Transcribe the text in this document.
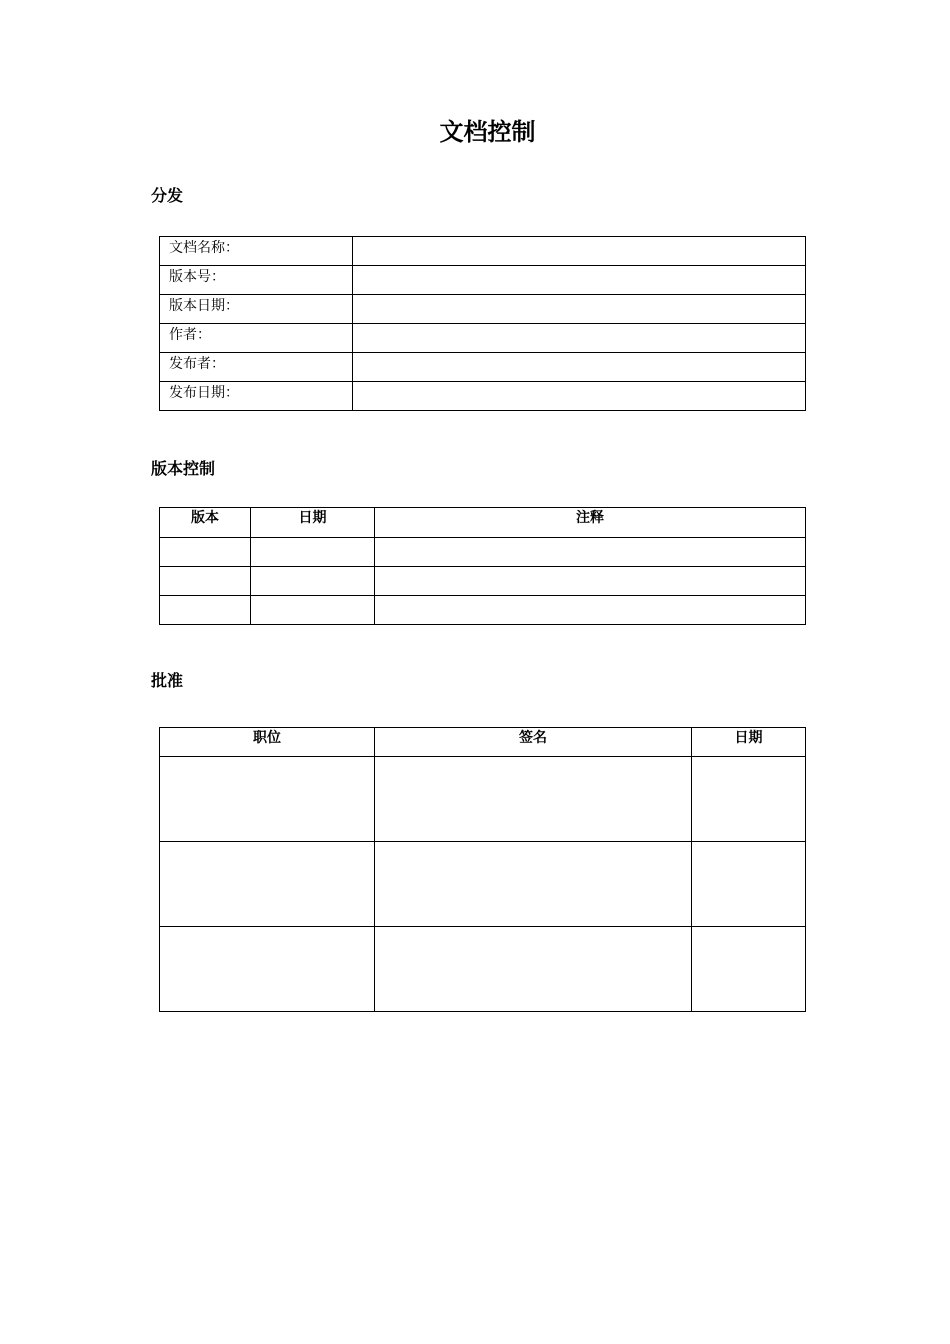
文档控制
分发
文档名称：	
版本号：	
版本日期：	
作者：	
发布者：	
发布日期：	
版本控制
版本	日期	注释

批准
职位	签名	日期
